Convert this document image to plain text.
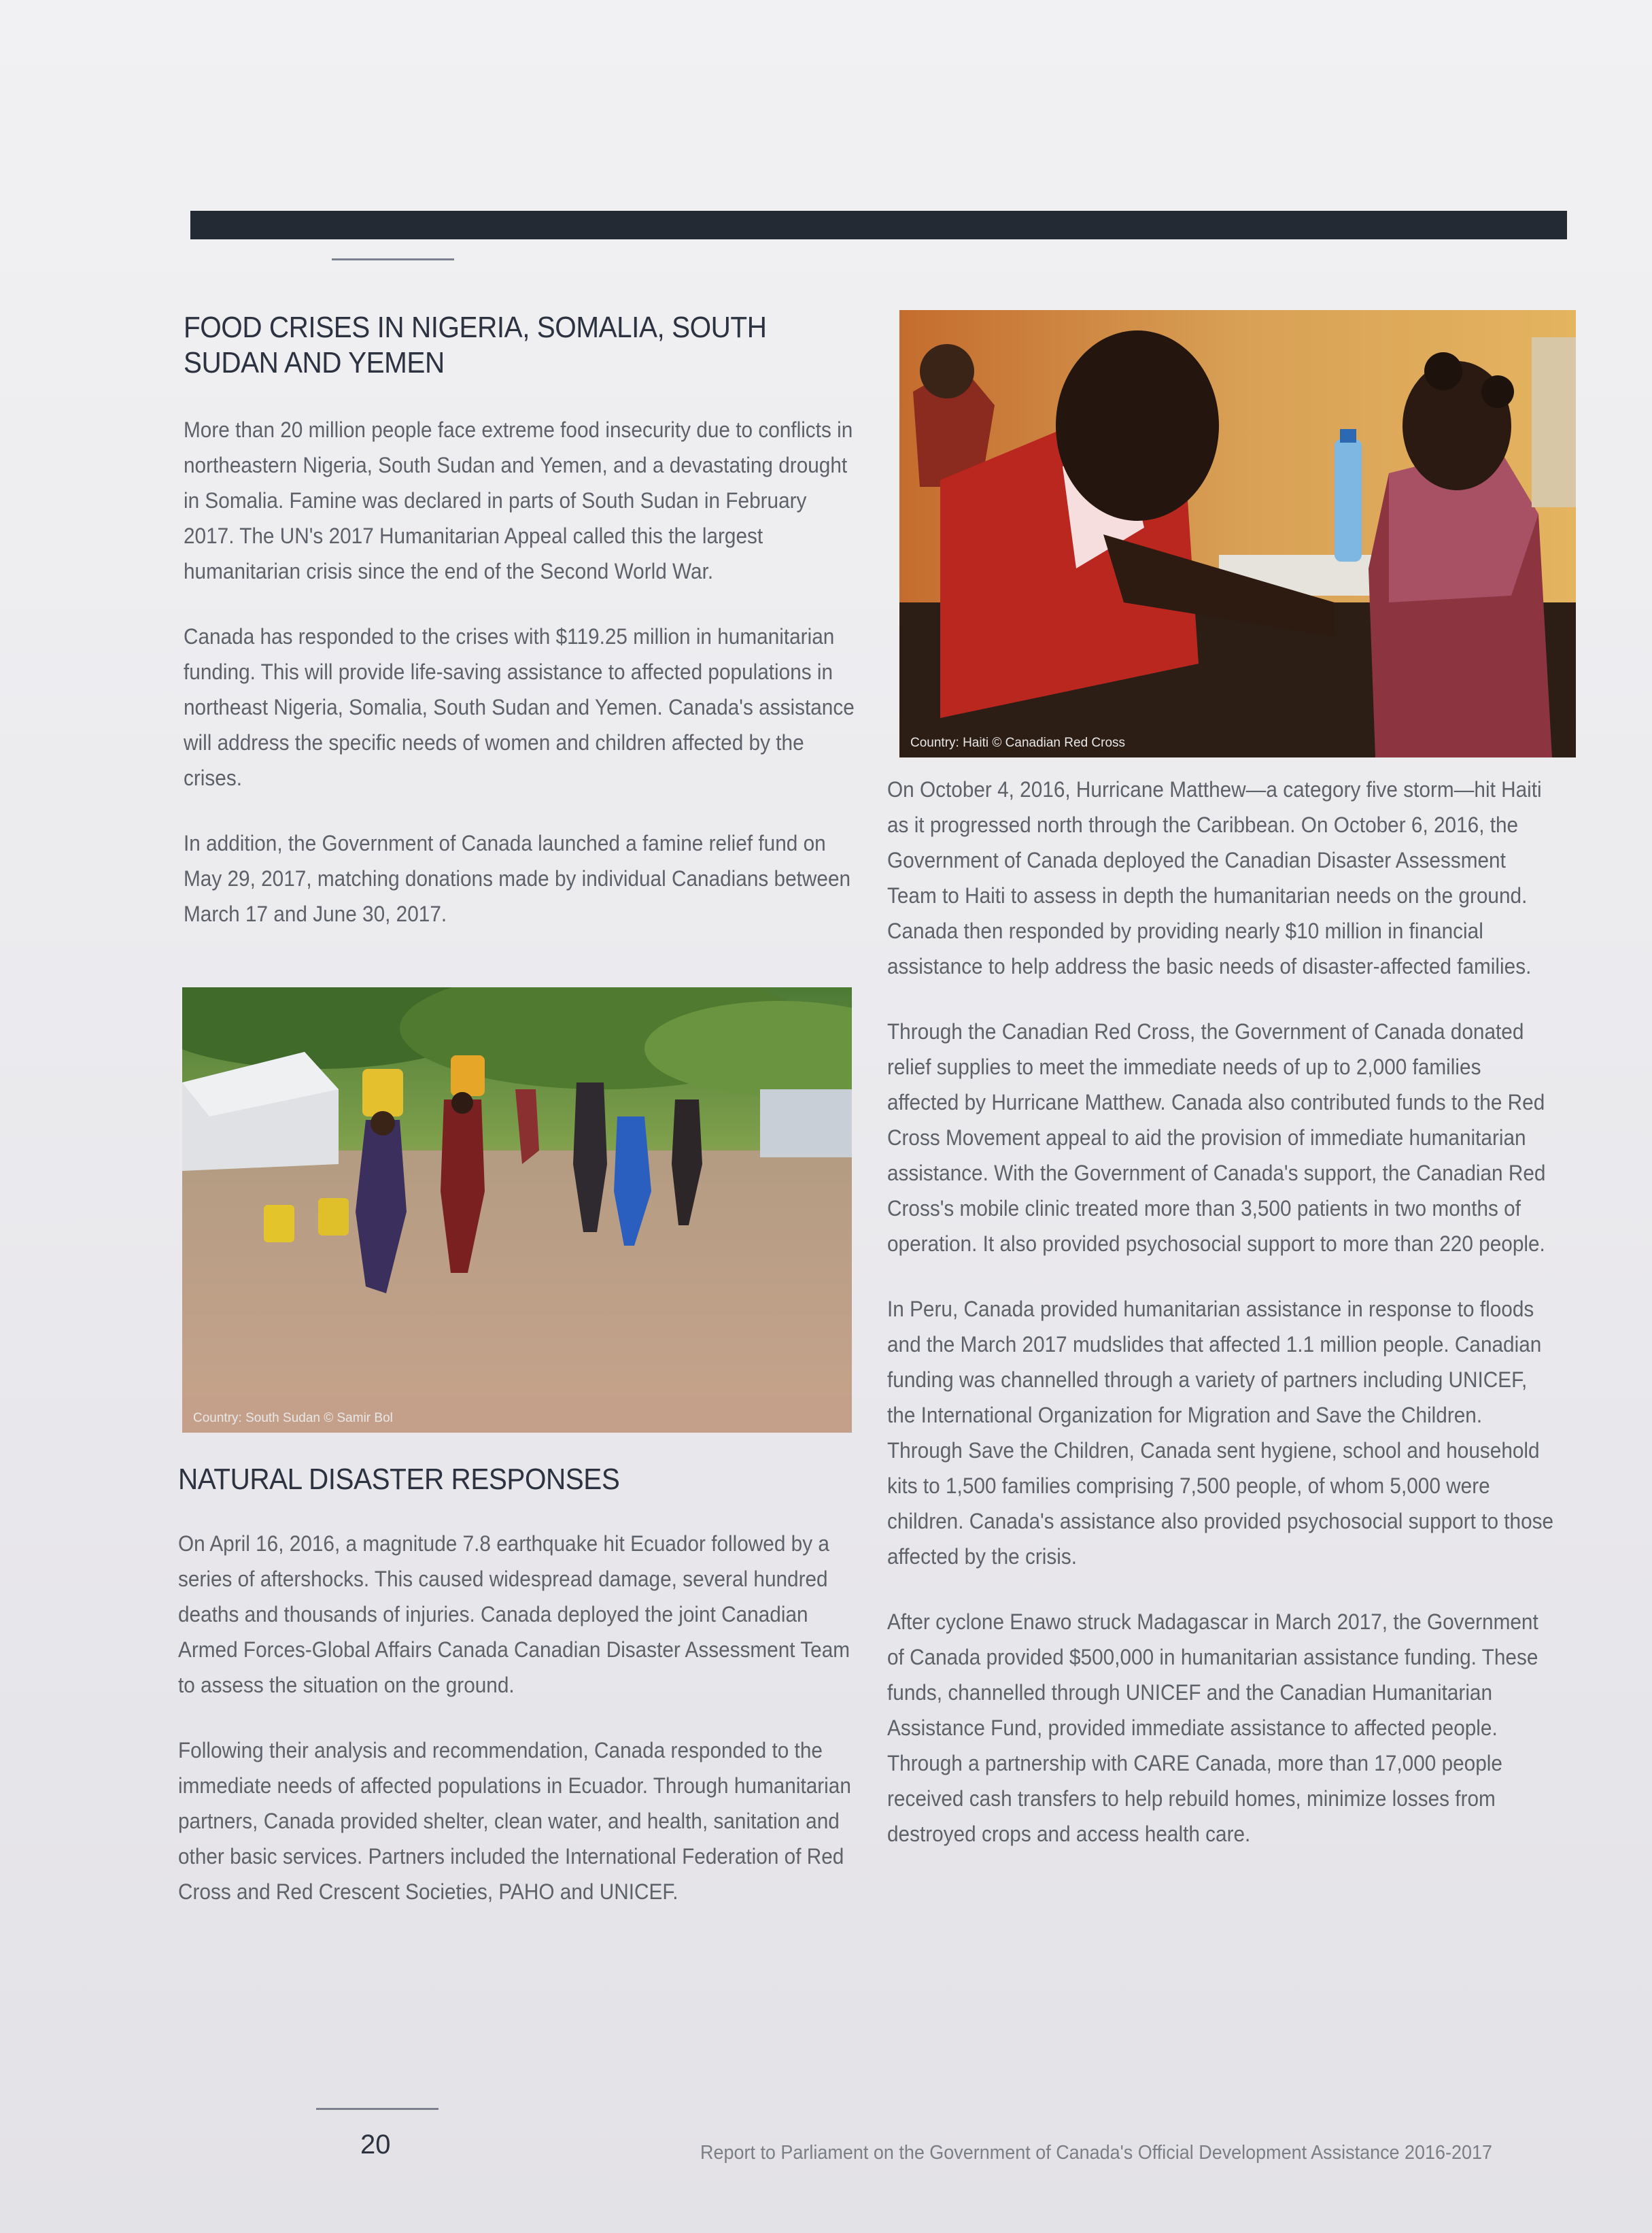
FOOD CRISES IN NIGERIA, SOMALIA, SOUTH SUDAN AND YEMEN

More than 20 million people face extreme food insecurity due to conflicts in northeastern Nigeria, South Sudan and Yemen, and a devastating drought in Somalia. Famine was declared in parts of South Sudan in February 2017. The UN's 2017 Humanitarian Appeal called this the largest humanitarian crisis since the end of the Second World War.

Canada has responded to the crises with $119.25 million in humanitarian funding. This will provide life-saving assistance to affected populations in northeast Nigeria, Somalia, South Sudan and Yemen. Canada's assistance will address the specific needs of women and children affected by the crises.

In addition, the Government of Canada launched a famine relief fund on May 29, 2017, matching donations made by individual Canadians between March 17 and June 30, 2017.

Country: South Sudan © Samir Bol
NATURAL DISASTER RESPONSES

On April 16, 2016, a magnitude 7.8 earthquake hit Ecuador followed by a series of aftershocks. This caused widespread damage, several hundred deaths and thousands of injuries. Canada deployed the joint Canadian Armed Forces-Global Affairs Canada Canadian Disaster Assessment Team to assess the situation on the ground.

Following their analysis and recommendation, Canada responded to the immediate needs of affected populations in Ecuador. Through humanitarian partners, Canada provided shelter, clean water, and health, sanitation and other basic services. Partners included the International Federation of Red Cross and Red Crescent Societies, PAHO and UNICEF.

Country: Haiti © Canadian Red Cross

On October 4, 2016, Hurricane Matthew—a category five storm—hit Haiti as it progressed north through the Caribbean. On October 6, 2016, the Government of Canada deployed the Canadian Disaster Assessment Team to Haiti to assess in depth the humanitarian needs on the ground. Canada then responded by providing nearly $10 million in financial assistance to help address the basic needs of disaster-affected families.

Through the Canadian Red Cross, the Government of Canada donated relief supplies to meet the immediate needs of up to 2,000 families affected by Hurricane Matthew. Canada also contributed funds to the Red Cross Movement appeal to aid the provision of immediate humanitarian assistance. With the Government of Canada's support, the Canadian Red Cross's mobile clinic treated more than 3,500 patients in two months of operation. It also provided psychosocial support to more than 220 people.

In Peru, Canada provided humanitarian assistance in response to floods and the March 2017 mudslides that affected 1.1 million people. Canadian funding was channelled through a variety of partners including UNICEF, the International Organization for Migration and Save the Children. Through Save the Children, Canada sent hygiene, school and household kits to 1,500 families comprising 7,500 people, of whom 5,000 were children. Canada's assistance also provided psychosocial support to those affected by the crisis.

After cyclone Enawo struck Madagascar in March 2017, the Government of Canada provided $500,000 in humanitarian assistance funding. These funds, channelled through UNICEF and the Canadian Humanitarian Assistance Fund, provided immediate assistance to affected people. Through a partnership with CARE Canada, more than 17,000 people received cash transfers to help rebuild homes, minimize losses from destroyed crops and access health care.

20	Report to Parliament on the Government of Canada's Official Development Assistance 2016-2017
